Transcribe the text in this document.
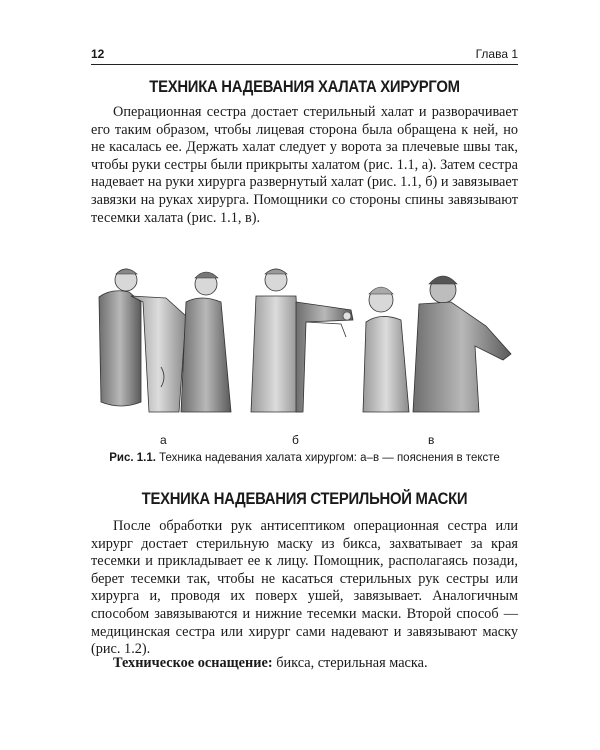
12	Глава 1
ТЕХНИКА НАДЕВАНИЯ ХАЛАТА ХИРУРГОМ
Операционная сестра достает стерильный халат и разворачивает его таким образом, чтобы лицевая сторона была обращена к ней, но не касалась ее. Держать халат следует у ворота за плечевые швы так, чтобы руки сестры были прикрыты халатом (рис. 1.1, а). Затем сестра надевает на руки хирурга развернутый халат (рис. 1.1, б) и завязывает завязки на руках хирурга. Помощники со стороны спины завязывают тесемки халата (рис. 1.1, в).
а	б	в
Рис. 1.1. Техника надевания халата хирургом: а–в — пояснения в тексте
ТЕХНИКА НАДЕВАНИЯ СТЕРИЛЬНОЙ МАСКИ
После обработки рук антисептиком операционная сестра или хирург достает стерильную маску из бикса, захватывает за края тесемки и прикладывает ее к лицу. Помощник, располагаясь позади, берет тесемки так, чтобы не касаться стерильных рук сестры или хирурга и, проводя их поверх ушей, завязывает. Аналогичным способом завязываются и нижние тесемки маски. Второй способ — медицинская сестра или хирург сами надевают и завязывают маску (рис. 1.2).
Техническое оснащение: бикса, стерильная маска.
